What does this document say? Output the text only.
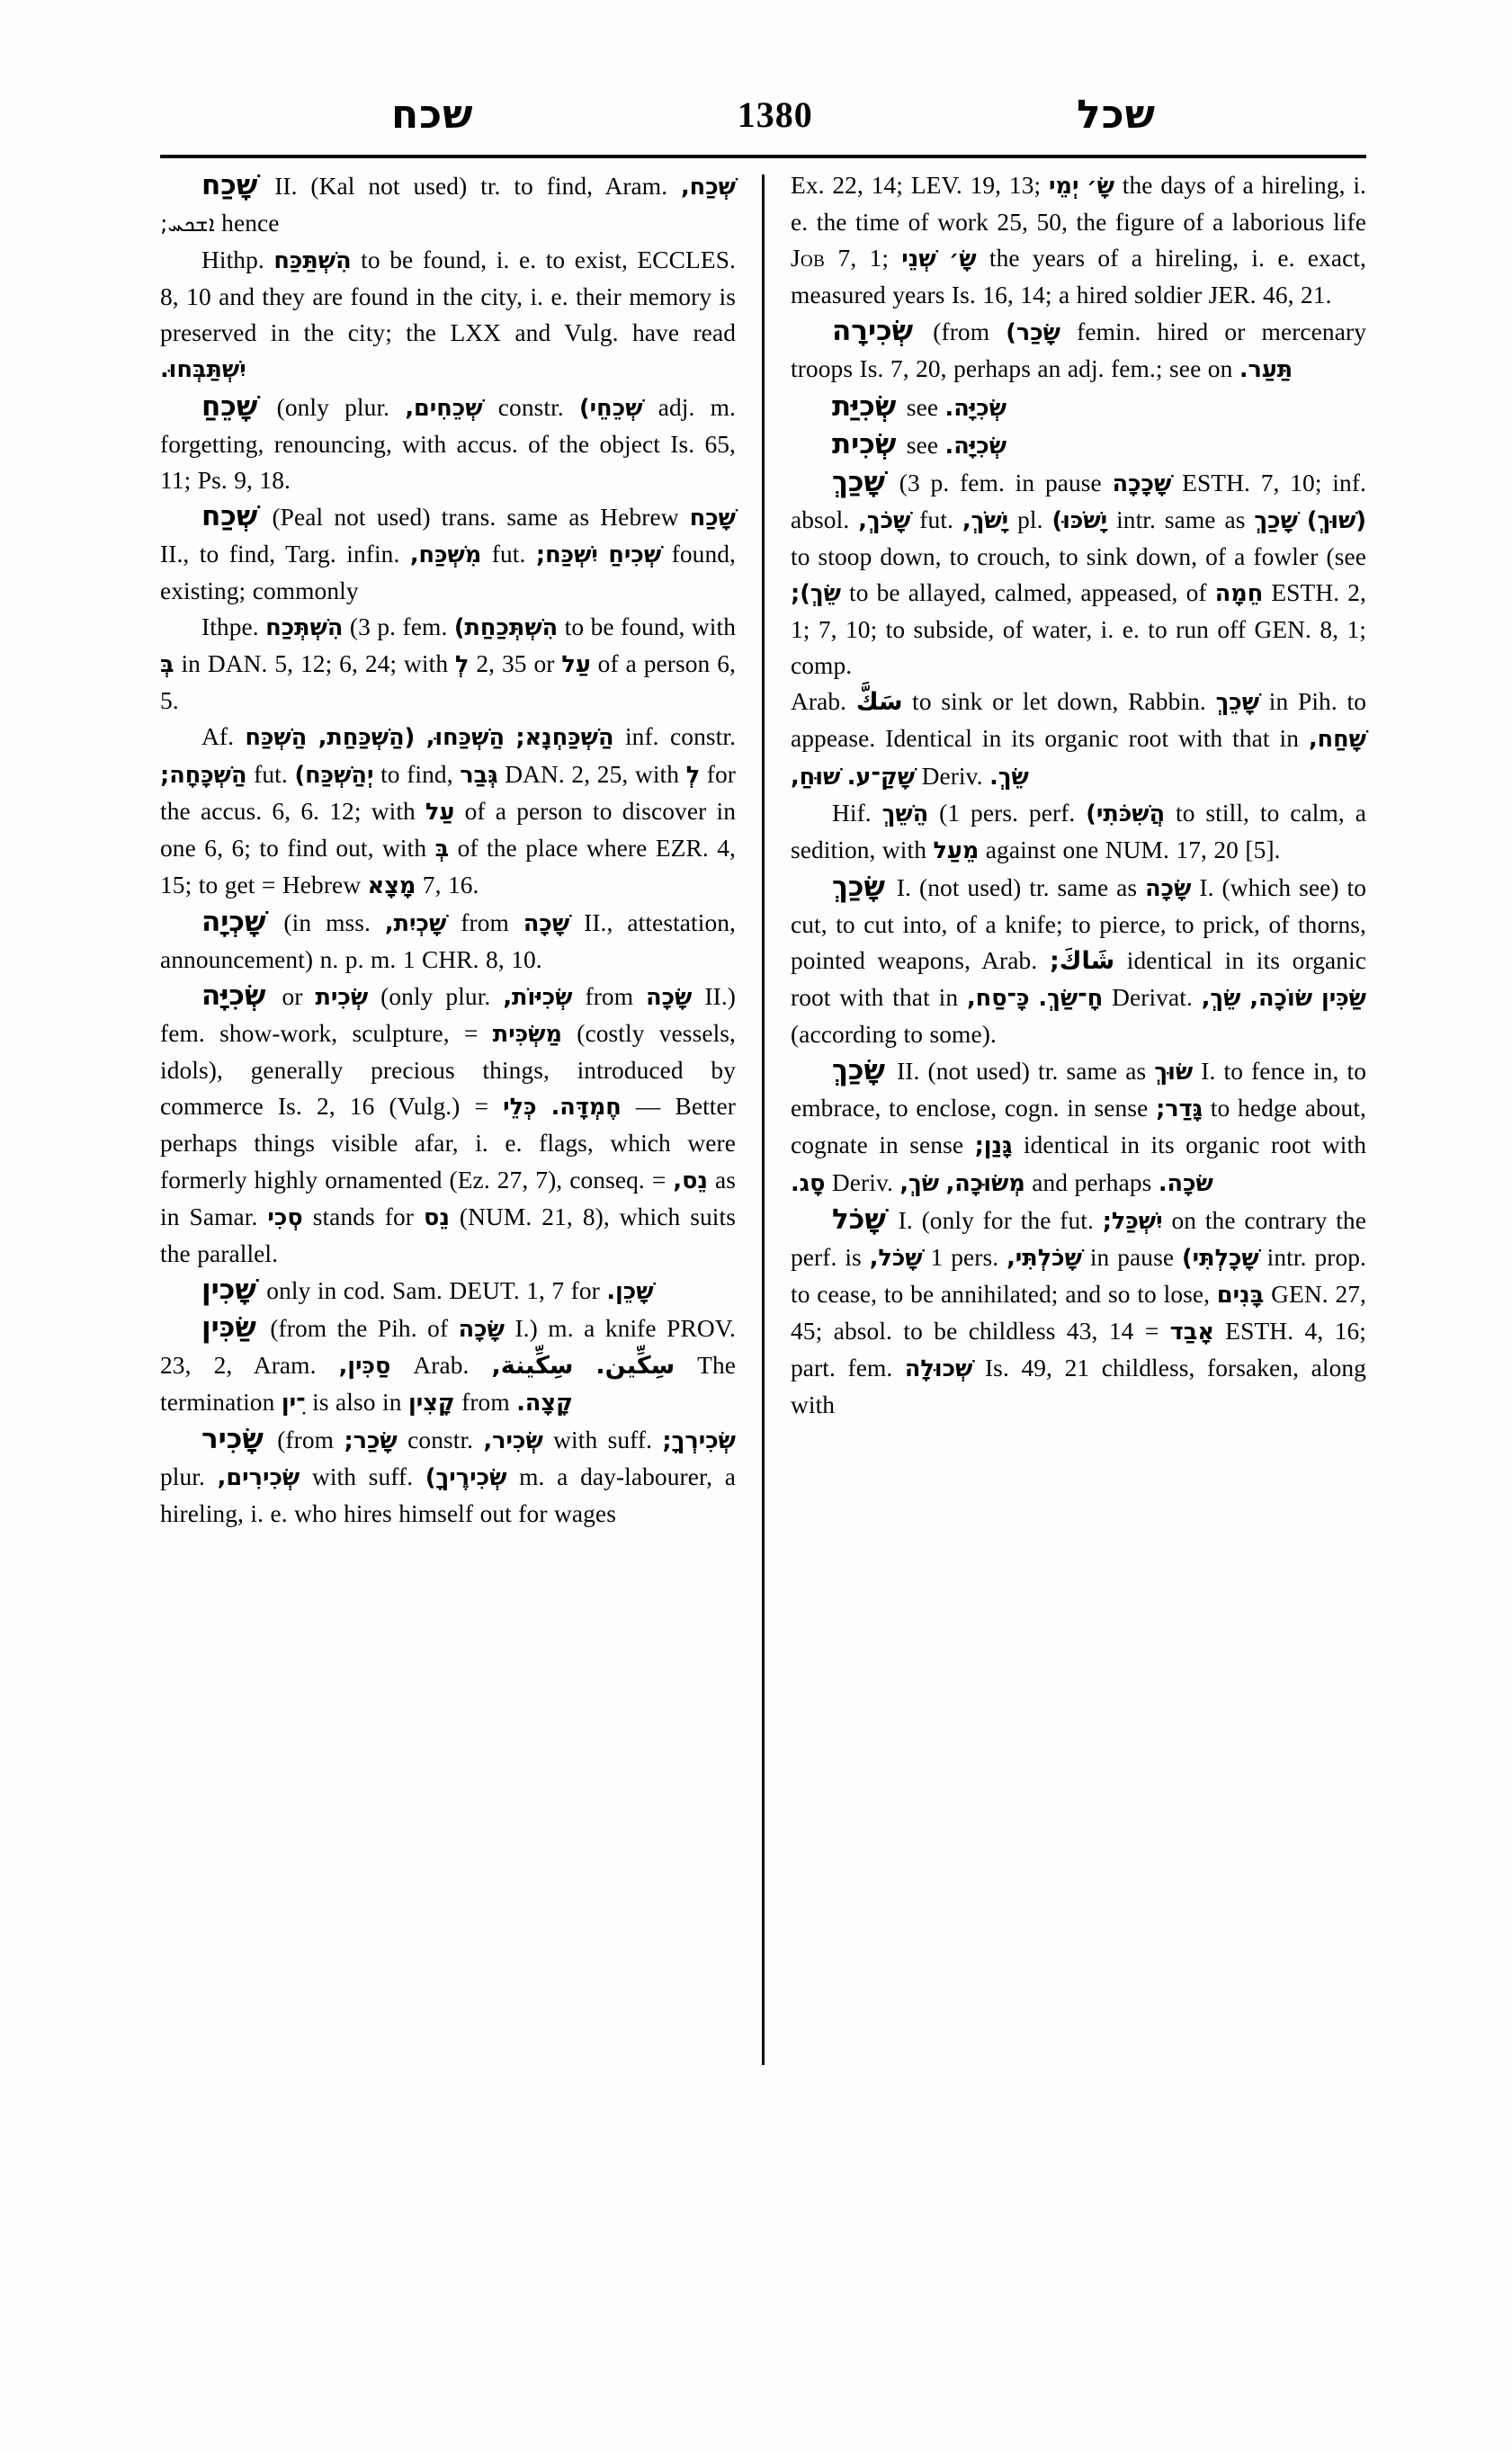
שכח	1380	שכל

שָׁכַח II. (Kal not used) tr. to find, Aram. שְׁכַח, ܐܫܟܚ; hence

Hithp. הִשְׁתַּכַּח to be found, i. e. to exist, ECCLES. 8, 10 and they are found in the city, i. e. their memory is preserved in the city; the LXX and Vulg. have read יִשְׁתַּבְּחוּ.

שָׁכֵחַ (only plur. שְׁכֵחִים, constr. שְׁכֵחֵי) adj. m. forgetting, renouncing, with accus. of the object Is. 65, 11; Ps. 9, 18.

שְׁכַח (Peal not used) trans. same as Hebrew שָׁכַח II., to find, Targ. infin. מִשְׁכַּח, fut. יִשְׁכַּח; שְׁכִיחַ found, existing; commonly

Ithpe. הִשְׁתְּכַח (3 p. fem. הִשְׁתְּכַחַת) to be found, with בְּ in DAN. 5, 12; 6, 24; with לְ 2, 35 or עַל of a person 6, 5.

Af. הַשְׁכַּח (הַשְׁכַּחַת, הַשְׁכַּחוּ, הַשְׁכַּחְנָא; inf. constr. הַשְׁכָּחָה; fut. יְהַשְׁכַּח) to find, גְּבַר DAN. 2, 25, with לְ for the accus. 6, 6. 12; with עַל of a person to discover in one 6, 6; to find out, with בְּ of the place where EZR. 4, 15; to get = Hebrew מָצָא 7, 16.

שָׁכְיָה (in mss. שָׁכְיִת, from שָׁכָה II., attestation, announcement) n. p. m. 1 CHR. 8, 10.

שְׂכִיָּה or שְׂכִית (only plur. שְׂכִיּוֹת, from שָׂכָה II.) fem. show-work, sculpture, = מַשְׂכִּית (costly vessels, idols), generally precious things, introduced by commerce Is. 2, 16 (Vulg.) = כְּלֵי חֶמְדָּה. — Better perhaps things visible afar, i. e. flags, which were formerly highly ornamented (Ez. 27, 7), conseq. = נֵס, as in Samar. סְכִי stands for נֵס (NUM. 21, 8), which suits the parallel.

שָׁכִין only in cod. Sam. DEUT. 1, 7 for שָׁכֵן.

שַׂכִּין (from the Pih. of שָׂכָה I.) m. a knife PROV. 23, 2, Aram. סַכִּין, Arab. سِكِّينة, سِكِّين. The termination ־ִין is also in קָצִין from קָצָה.

שָׂכִיר (from שָׂכַר; constr. שְׂכִיר, with suff. שְׂכִירְךָ; plur. שְׂכִירִים, with suff. שְׂכִירֶיךָ) m. a day-labourer, a hireling, i. e. who hires himself out for wages

Ex. 22, 14; LEV. 19, 13; יְמֵי שָׂ׳ the days of a hireling, i. e. the time of work 25, 50, the figure of a laborious life Job 7, 1; שְׁנֵי שָׂ׳ the years of a hireling, i. e. exact, measured years Is. 16, 14; a hired soldier JER. 46, 21.

שְׂכִירָה (from שָׂכַר) femin. hired or mercenary troops Is. 7, 20, perhaps an adj. fem.; see on תַּעַר.

שְׂכִיַּת see שְׂכִיָּה.

שְׂכִית see שְׂכִיָּה.

שָׁכַךְ (3 p. fem. in pause שָׁכָכָה ESTH. 7, 10; inf. absol. שָׁכֹךְ, fut. יָשֹׁךְ, pl. יָשֹׁכּוּ) intr. same as שָׁכַךְ (שׁוּךְ) to stoop down, to crouch, to sink down, of a fowler (see שֵׂךְ); to be allayed, calmed, appeased, of חֵמָה ESTH. 2, 1; 7, 10; to subside, of water, i. e. to run off GEN. 8, 1; comp.

Arab. سَكَّ to sink or let down, Rabbin. שָׁכֵךְ in Pih. to appease. Identical in its organic root with that in שָׁחַח, שׁוּחַ, שָׁקַ־ע. Deriv. שֵׂךְ.

Hif. הֵשֵׁךְ (1 pers. perf. הֲשִׁכֹּתִי) to still, to calm, a sedition, with מֵעַל against one NUM. 17, 20 [5].

שָׂכַךְ I. (not used) tr. same as שָׂכָה I. (which see) to cut, to cut into, of a knife; to pierce, to prick, of thorns, pointed weapons, Arab. شَاكَ; identical in its organic root with that in כָּ־סַח, חָ־שַׂךְ. Derivat. שֵׂךְ, שׂוֹכָה, שַׂכִּין (according to some).

שָׂכַךְ II. (not used) tr. same as שׂוּךְ I. to fence in, to embrace, to enclose, cogn. in sense גָּדַר; to hedge about, cognate in sense גָּנַן; identical in its organic root with סָג. Deriv. שׂךְ, מְשׂוּכָה, and perhaps שׂכָה.

שָׁכֹל I. (only for the fut. יִשְׁכַּל; on the contrary the perf. is שָׁכֹל, 1 pers. שָׁכֹלְתִּי, in pause שָׁכָלְתִּי) intr. prop. to cease, to be annihilated; and so to lose, בָּנִים GEN. 27, 45; absol. to be childless 43, 14 = אָבַד ESTH. 4, 16; part. fem. שְׁכוּלָה Is. 49, 21 childless, forsaken, along with
